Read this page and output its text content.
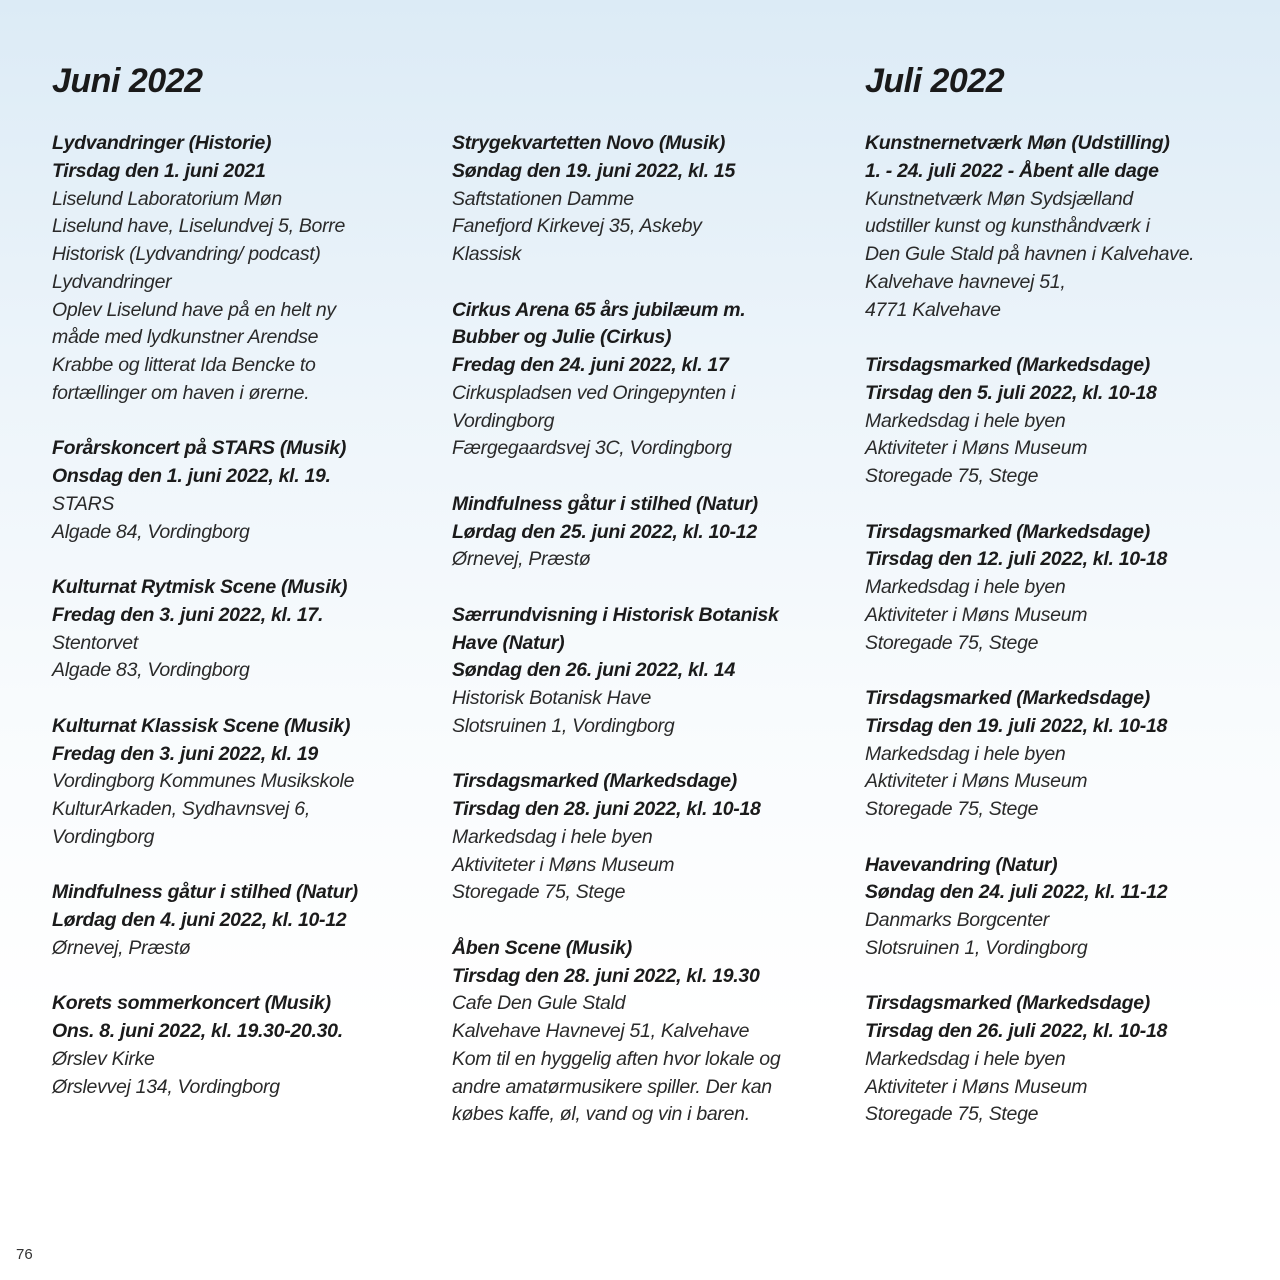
Juni 2022	Juli 2022
Lydvandringer (Historie)
Tirsdag den 1. juni 2021
Liselund Laboratorium Møn
Liselund have, Liselundvej 5, Borre
Historisk (Lydvandring/ podcast)
Lydvandringer
Oplev Liselund have på en helt ny
måde med lydkunstner Arendse
Krabbe og litterat Ida Bencke to
fortællinger om haven i ørerne.
Forårskoncert på STARS (Musik)
Onsdag den 1. juni 2022, kl. 19.
STARS
Algade 84, Vordingborg
Kulturnat Rytmisk Scene (Musik)
Fredag den 3. juni 2022, kl. 17.
Stentorvet
Algade 83, Vordingborg
Kulturnat Klassisk Scene (Musik)
Fredag den 3. juni 2022, kl. 19
Vordingborg Kommunes Musikskole
KulturArkaden, Sydhavnsvej 6,
Vordingborg
Mindfulness gåtur i stilhed (Natur)
Lørdag den 4. juni 2022, kl. 10-12
Ørnevej, Præstø
Korets sommerkoncert (Musik)
Ons. 8. juni 2022, kl. 19.30-20.30.
Ørslev Kirke
Ørslevvej 134, Vordingborg
Strygekvartetten Novo (Musik)
Søndag den 19. juni 2022, kl. 15
Saftstationen Damme
Fanefjord Kirkevej 35, Askeby
Klassisk
Cirkus Arena 65 års jubilæum m.
Bubber og Julie (Cirkus)
Fredag den 24. juni 2022, kl. 17
Cirkuspladsen ved Oringepynten i
Vordingborg
Færgegaardsvej 3C, Vordingborg
Mindfulness gåtur i stilhed (Natur)
Lørdag den 25. juni 2022, kl. 10-12
Ørnevej, Præstø
Særrundvisning i Historisk Botanisk
Have (Natur)
Søndag den 26. juni 2022, kl. 14
Historisk Botanisk Have
Slotsruinen 1, Vordingborg
Tirsdagsmarked (Markedsdage)
Tirsdag den 28. juni 2022, kl. 10-18
Markedsdag i hele byen
Aktiviteter i Møns Museum
Storegade 75, Stege
Åben Scene (Musik)
Tirsdag den 28. juni 2022, kl. 19.30
Cafe Den Gule Stald
Kalvehave Havnevej 51, Kalvehave
Kom til en hyggelig aften hvor lokale og
andre amatørmusikere spiller. Der kan
købes kaffe, øl, vand og vin i baren.
Kunstnernetværk Møn (Udstilling)
1. - 24. juli 2022 - Åbent alle dage
Kunstnetværk Møn Sydsjælland
udstiller kunst og kunsthåndværk i
Den Gule Stald på havnen i Kalvehave.
Kalvehave havnevej 51,
4771 Kalvehave
Tirsdagsmarked (Markedsdage)
Tirsdag den 5. juli 2022, kl. 10-18
Markedsdag i hele byen
Aktiviteter i Møns Museum
Storegade 75, Stege
Tirsdagsmarked (Markedsdage)
Tirsdag den 12. juli 2022, kl. 10-18
Markedsdag i hele byen
Aktiviteter i Møns Museum
Storegade 75, Stege
Tirsdagsmarked (Markedsdage)
Tirsdag den 19. juli 2022, kl. 10-18
Markedsdag i hele byen
Aktiviteter i Møns Museum
Storegade 75, Stege
Havevandring (Natur)
Søndag den 24. juli 2022, kl. 11-12
Danmarks Borgcenter
Slotsruinen 1, Vordingborg
Tirsdagsmarked (Markedsdage)
Tirsdag den 26. juli 2022, kl. 10-18
Markedsdag i hele byen
Aktiviteter i Møns Museum
Storegade 75, Stege
76
